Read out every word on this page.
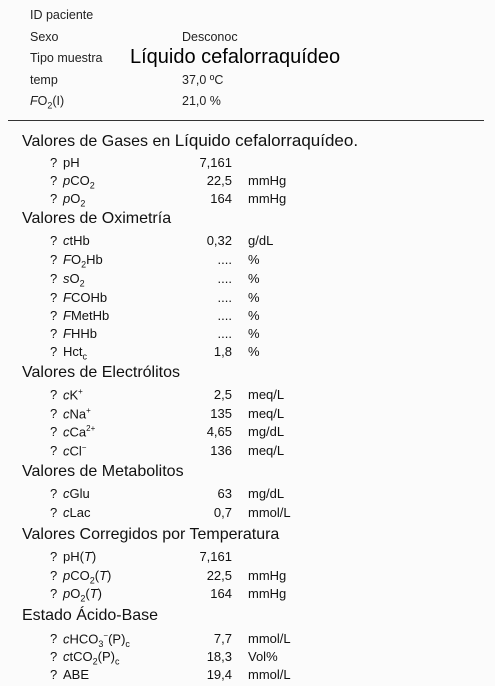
ID paciente
Sexo	Desconoc
Tipo muestra
temp	37,0 ºC
$FO_2(I)$	21,0 %
Líquido cefalorraquídeo
Valores de Gases en Líquido cefalorraquídeo.
? pH	7,161
? pCO$_2$	22,5 mmHg
? $pO_2$	164 mmHg
Valores de Oximetría
? ctHb	0,32 g/dL
? $FO_2Hb$	.... %
? $sO_2$	.... %
? FCOHb	.... %
? FMetHb	.... %
? FHHb	.... %
? Hct$_c$	1,8 %
Valores de Electrólitos
? cK+	2,5 meq/L
? cNa+	135 meq/L
? cCa$^{2+}$	4,65 mg/dL
? cCl−	136 meq/L
Valores de Metabolitos
? cGlu	63 mg/dL
? cLac	0,7 mmol/L
Valores Corregidos por Temperatura
? pH(T)	7,161
? pCO$_2$(T)	22,5 mmHg
? $pO_2(T)$	164 mmHg
Estado Ácido-Base
? $cHCO_3^-(P)_c$	7,7 mmol/L
? $ctCO_2(P)_c$	18,3 Vol%
? ABE	19,4 mmol/L
